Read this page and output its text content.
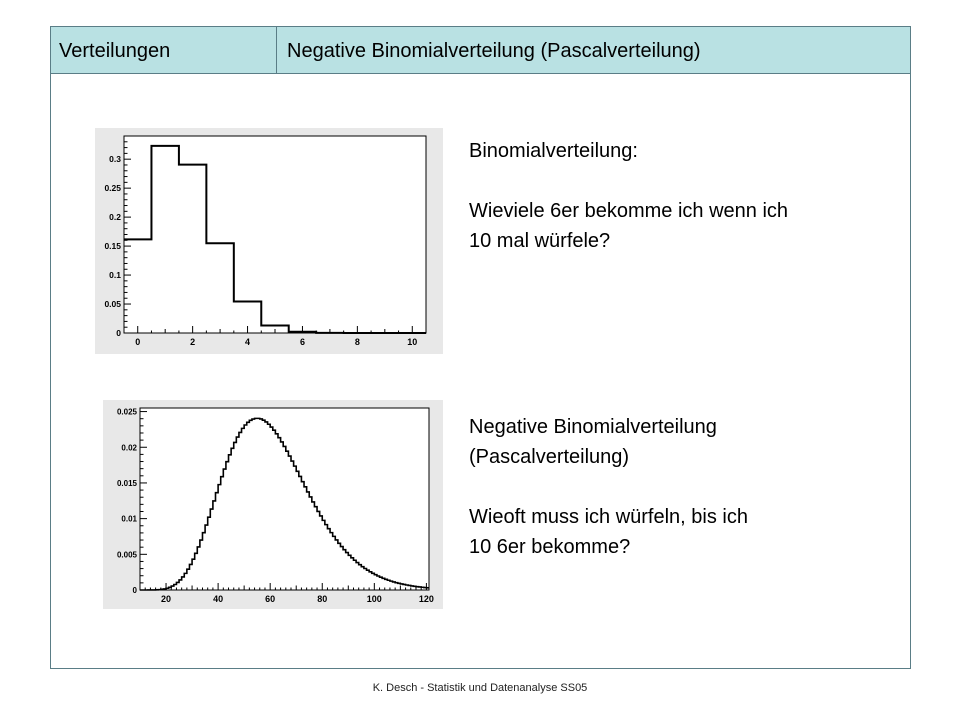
Verteilungen	Negative Binomialverteilung (Pascalverteilung)
0	2	4	6	8	10
0
0.05
0.1
0.15
0.2
0.25
0.3
20	40	60	80	100	120
0
0.005
0.01
0.015
0.02
0.025
Binomialverteilung:
Wieviele 6er bekomme ich wenn ich
10 mal würfele?
Negative Binomialverteilung
(Pascalverteilung)
Wieoft muss ich würfeln, bis ich
10 6er bekomme?
K. Desch - Statistik und Datenanalyse SS05
